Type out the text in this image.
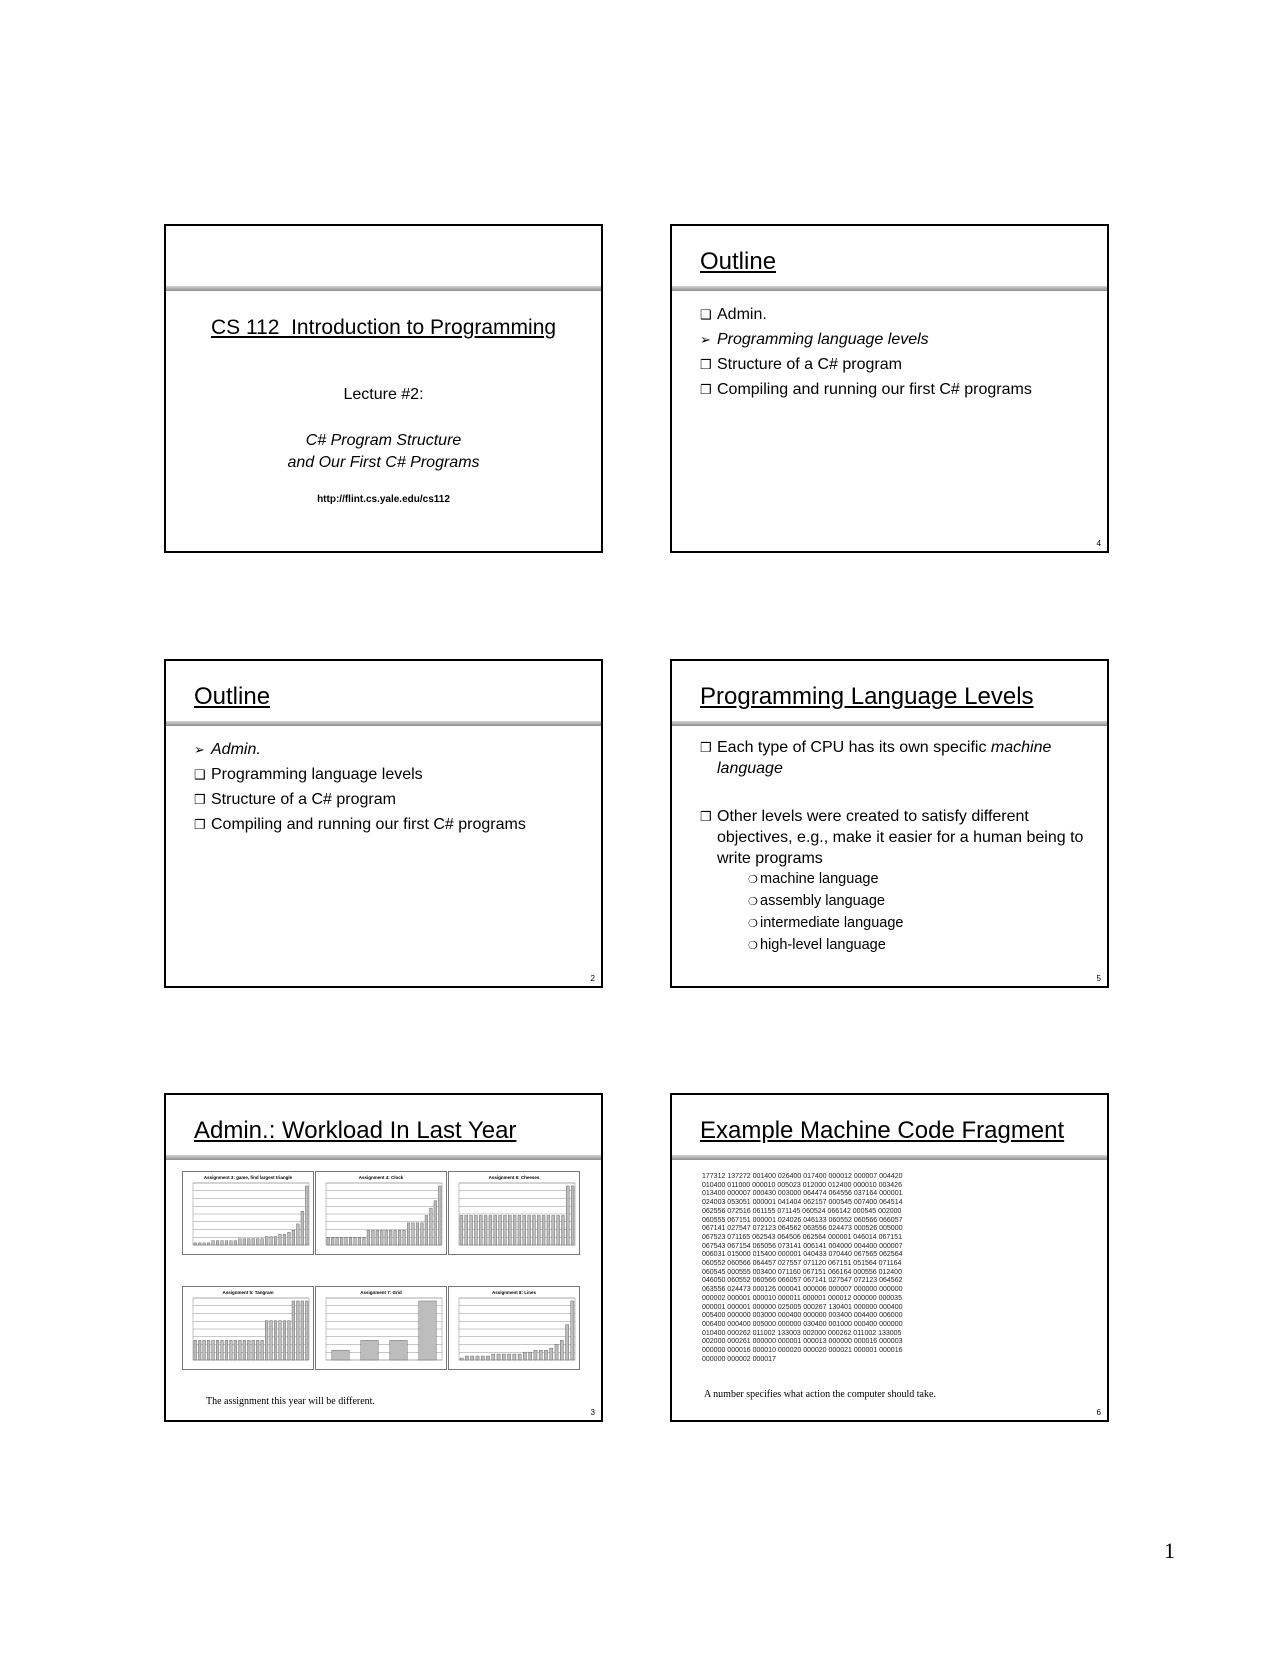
CS 112  Introduction to Programming
Lecture #2:
C# Program Structure
and Our First C# Programs
http://flint.cs.yale.edu/cs112
Outline
❑ Admin.
➢ Programming language levels
❒ Structure of a C# program
❒ Compiling and running our first C# programs
4
Outline
➢ Admin.
❑ Programming language levels
❒ Structure of a C# program
❒ Compiling and running our first C# programs
2
Programming Language Levels
❒ Each type of CPU has its own specific machine language
❒ Other levels were created to satisfy different objectives, e.g., make it easier for a human being to write programs
❍ machine language
❍ assembly language
❍ intermediate language
❍ high-level language
5
Admin.: Workload In Last Year
Assignment 3: game, find largest triangle	Assignment 4: Clock	Assignment 6: Cheeses
Assignment 5: Tangram	Assignment 7: Grid	Assignment 8: Lines
The assignment this year will be different.
3
Example Machine Code Fragment
177312 137272 001400 026400 017400 000012 000007 004420 010400 011000 000010 005023 012000 012400 000010 003426 013400 000007 000430 003000 064474 064556 037164 000001 024003 053051 000001 041404 062157 000545 007400 064514 062556 072516 061155 071145 060524 066142 000545 002000 060555 067151 000001 024026 046133 060552 060566 066057 067141 027547 072123 064562 063556 024473 000526 005000 067523 071165 062543 064506 062564 000001 046014 067151 067543 067154 065056 073141 006141 004000 004400 000007 006031 015000 015400 000001 040433 070440 067565 062564 060552 060566 064457 027557 071120 067151 051564 071164 060545 000555 003400 071160 067151 066164 000556 012400 046050 060552 060566 066057 067141 027547 072123 064562 063556 024473 000126 000041 000006 000007 000000 000000 000002 000001 000010 000011 000001 000012 000000 000035 000001 000001 000000 025005 000267 130401 000000 000400 005400 000000 003000 000400 000000 003400 004400 006000 006400 000400 005000 000000 030400 001000 000400 000000 010400 000262 011002 133003 002000 000262 011002 133005 002000 000261 000000 000001 000013 000000 000016 000003 000000 000016 000010 000020 000020 000021 000001 000016 000000 000002 000017
A number specifies what action the computer should take.
6
1
